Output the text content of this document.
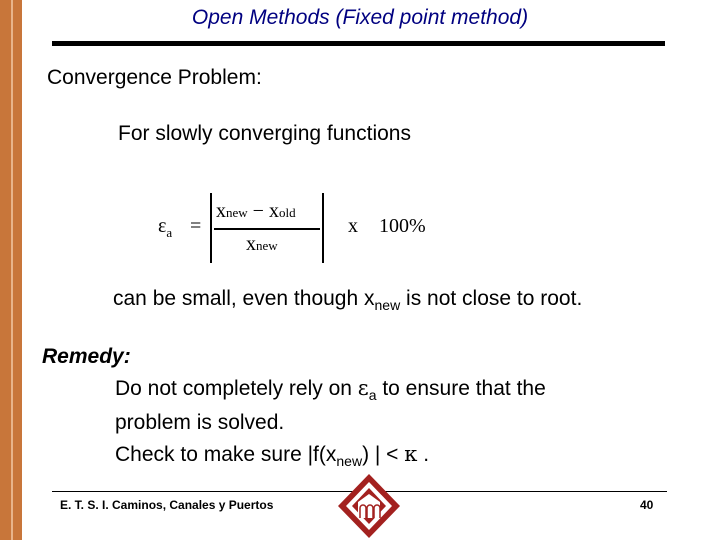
Open Methods (Fixed point method)
Convergence Problem:
For slowly converging functions
$\varepsilon_a$ =
xnew − xold
xnew
x 100%
can be small, even though $x_{new}$ is not close to root.
Remedy:
Do not completely rely on $\varepsilon_a$ to ensure that the
problem is solved.
Check to make sure $|f(x_{new})$ | < κ .
E. T. S. I. Caminos, Canales y Puertos	40
